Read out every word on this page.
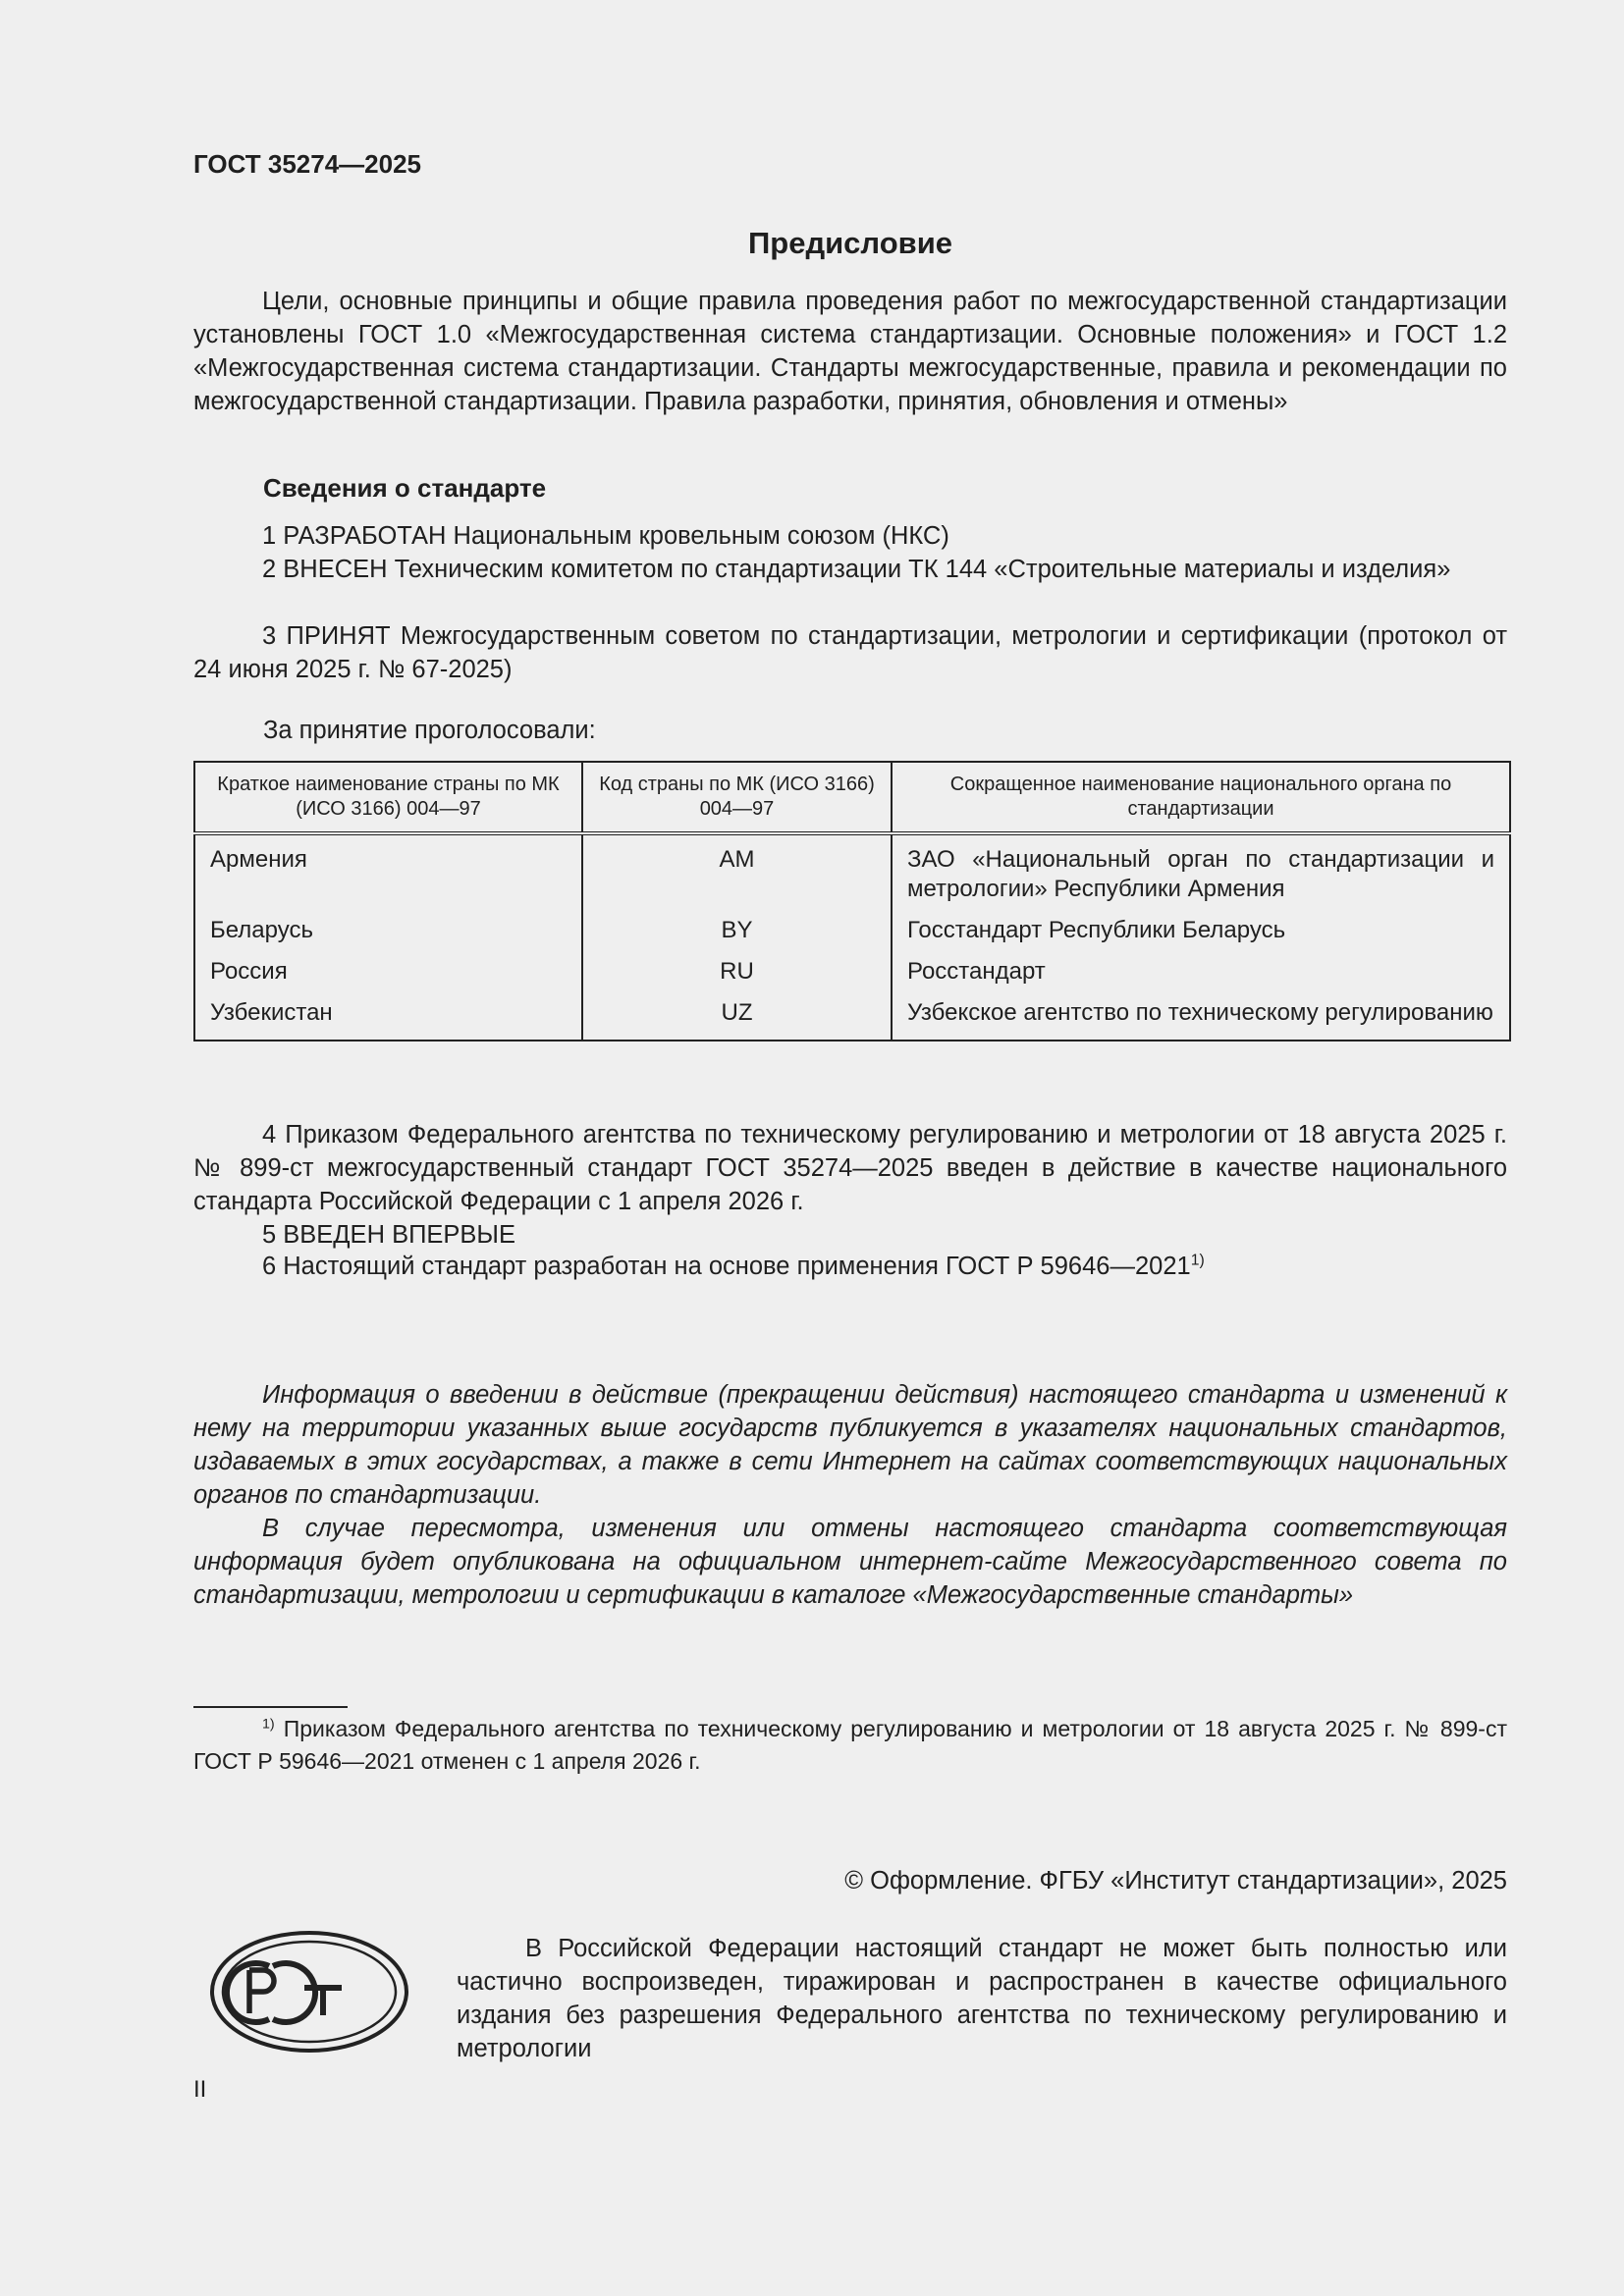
ГОСТ 35274—2025
Предисловие
Цели, основные принципы и общие правила проведения работ по межгосударственной стандартизации установлены ГОСТ 1.0 «Межгосударственная система стандартизации. Основные положения» и ГОСТ 1.2 «Межгосударственная система стандартизации. Стандарты межгосударственные, правила и рекомендации по межгосударственной стандартизации. Правила разработки, принятия, обновления и отмены»
Сведения о стандарте
1 РАЗРАБОТАН Национальным кровельным союзом (НКС)
2 ВНЕСЕН Техническим комитетом по стандартизации ТК 144 «Строительные материалы и изделия»
3 ПРИНЯТ Межгосударственным советом по стандартизации, метрологии и сертификации (протокол от 24 июня 2025 г. № 67-2025)
За принятие проголосовали:
Краткое наименование страны по МК (ИСО 3166) 004—97	Код страны по МК (ИСО 3166) 004—97	Сокращенное наименование национального органа по стандартизации
Армения	AM	ЗАО «Национальный орган по стандартизации и метрологии» Республики Армения
Беларусь	BY	Госстандарт Республики Беларусь
Россия	RU	Росстандарт
Узбекистан	UZ	Узбекское агентство по техническому регулированию
4 Приказом Федерального агентства по техническому регулированию и метрологии от 18 августа 2025 г. № 899-ст межгосударственный стандарт ГОСТ 35274—2025 введен в действие в качестве национального стандарта Российской Федерации с 1 апреля 2026 г.
5 ВВЕДЕН ВПЕРВЫЕ
6 Настоящий стандарт разработан на основе применения ГОСТ Р 59646—2021$^{1)}$
Информация о введении в действие (прекращении действия) настоящего стандарта и изменений к нему на территории указанных выше государств публикуется в указателях национальных стандартов, издаваемых в этих государствах, а также в сети Интернет на сайтах соответствующих национальных органов по стандартизации.
В случае пересмотра, изменения или отмены настоящего стандарта соответствующая информация будет опубликована на официальном интернет-сайте Межгосударственного совета по стандартизации, метрологии и сертификации в каталоге «Межгосударственные стандарты»
$^{1)}$ Приказом Федерального агентства по техническому регулированию и метрологии от 18 августа 2025 г. № 899-ст ГОСТ Р 59646—2021 отменен с 1 апреля 2026 г.
© Оформление. ФГБУ «Институт стандартизации», 2025
В Российской Федерации настоящий стандарт не может быть полностью или частично воспроизведен, тиражирован и распространен в качестве официального издания без разрешения Федерального агентства по техническому регулированию и метрологии
II
